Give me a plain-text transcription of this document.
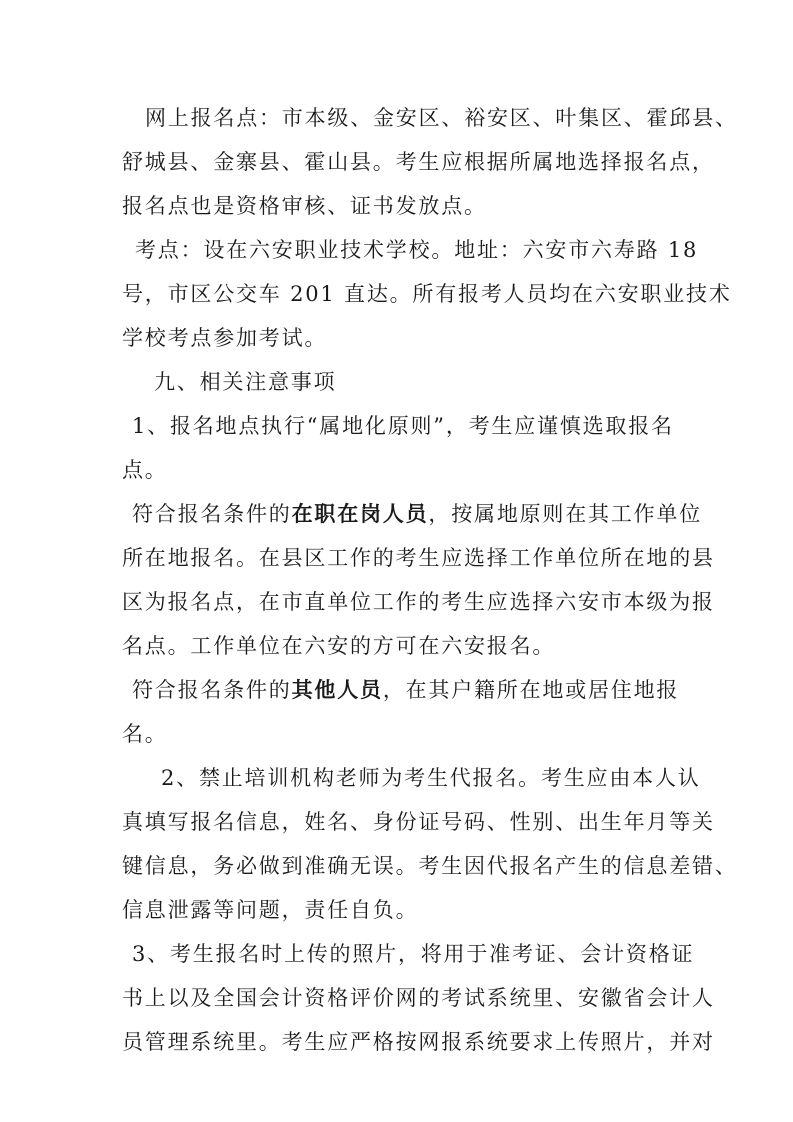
网上报名点：市本级、金安区、裕安区、叶集区、霍邱县、
舒城县、金寨县、霍山县。考生应根据所属地选择报名点，
报名点也是资格审核、证书发放点。
考点：设在六安职业技术学校。地址：六安市六寿路 18
号，市区公交车 201 直达。所有报考人员均在六安职业技术
学校考点参加考试。
九、相关注意事项
1、报名地点执行“属地化原则”，考生应谨慎选取报名
点。
符合报名条件的在职在岗人员，按属地原则在其工作单位
所在地报名。在县区工作的考生应选择工作单位所在地的县
区为报名点，在市直单位工作的考生应选择六安市本级为报
名点。工作单位在六安的方可在六安报名。
符合报名条件的其他人员，在其户籍所在地或居住地报
名。
2、禁止培训机构老师为考生代报名。考生应由本人认
真填写报名信息，姓名、身份证号码、性别、出生年月等关
键信息，务必做到准确无误。考生因代报名产生的信息差错、
信息泄露等问题，责任自负。
3、考生报名时上传的照片，将用于准考证、会计资格证
书上以及全国会计资格评价网的考试系统里、安徽省会计人
员管理系统里。考生应严格按网报系统要求上传照片，并对
